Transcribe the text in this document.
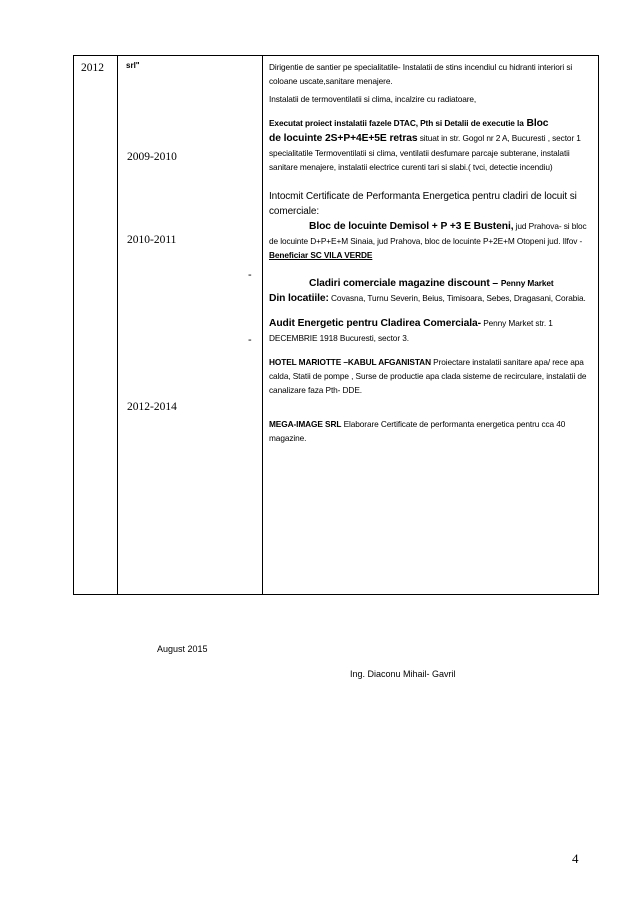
2012	srl"
2009-2010
2010-2011
2012-2014
-
-

Dirigentie de santier pe specialitatile- Instalatii de stins incendiul cu hidranti interiori si coloane uscate,sanitare menajere.

Instalatii de termoventilatii si clima, incalzire cu radiatoare,

Executat proiect instalatii fazele DTAC, Pth si Detalii de executie la Bloc
de locuinte 2S+P+4E+5E retras situat in str. Gogol nr 2 A, Bucuresti , sector 1 specialitatile Termoventilatii si clima, ventilatii desfumare parcaje subterane, instalatii sanitare menajere, instalatii electrice curenti tari si slabi.( tvci, detectie incendiu)

Intocmit Certificate de Performanta Energetica pentru cladiri de locuit si comerciale:

Bloc de locuinte Demisol + P +3 E Busteni, jud Prahova- si bloc de locuinte D+P+E+M Sinaia, jud Prahova, bloc de locuinte P+2E+M Otopeni jud. Ilfov -Beneficiar SC VILA VERDE

Cladiri comerciale magazine discount – Penny Market
Din locatiile: Covasna, Turnu Severin, Beius, Timisoara, Sebes, Dragasani, Corabia.

Audit Energetic pentru Cladirea Comerciala- Penny Market str. 1 DECEMBRIE 1918 Bucuresti, sector 3.

HOTEL MARIOTTE –KABUL AFGANISTAN Proiectare instalatii sanitare apa/ rece apa calda, Statii de pompe , Surse de productie apa clada sisteme de recirculare, instalatii de canalizare faza Pth- DDE.

MEGA-IMAGE SRL Elaborare Certificate de performanta energetica pentru cca 40 magazine.

August 2015
Ing. Diaconu Mihail- Gavril
4
